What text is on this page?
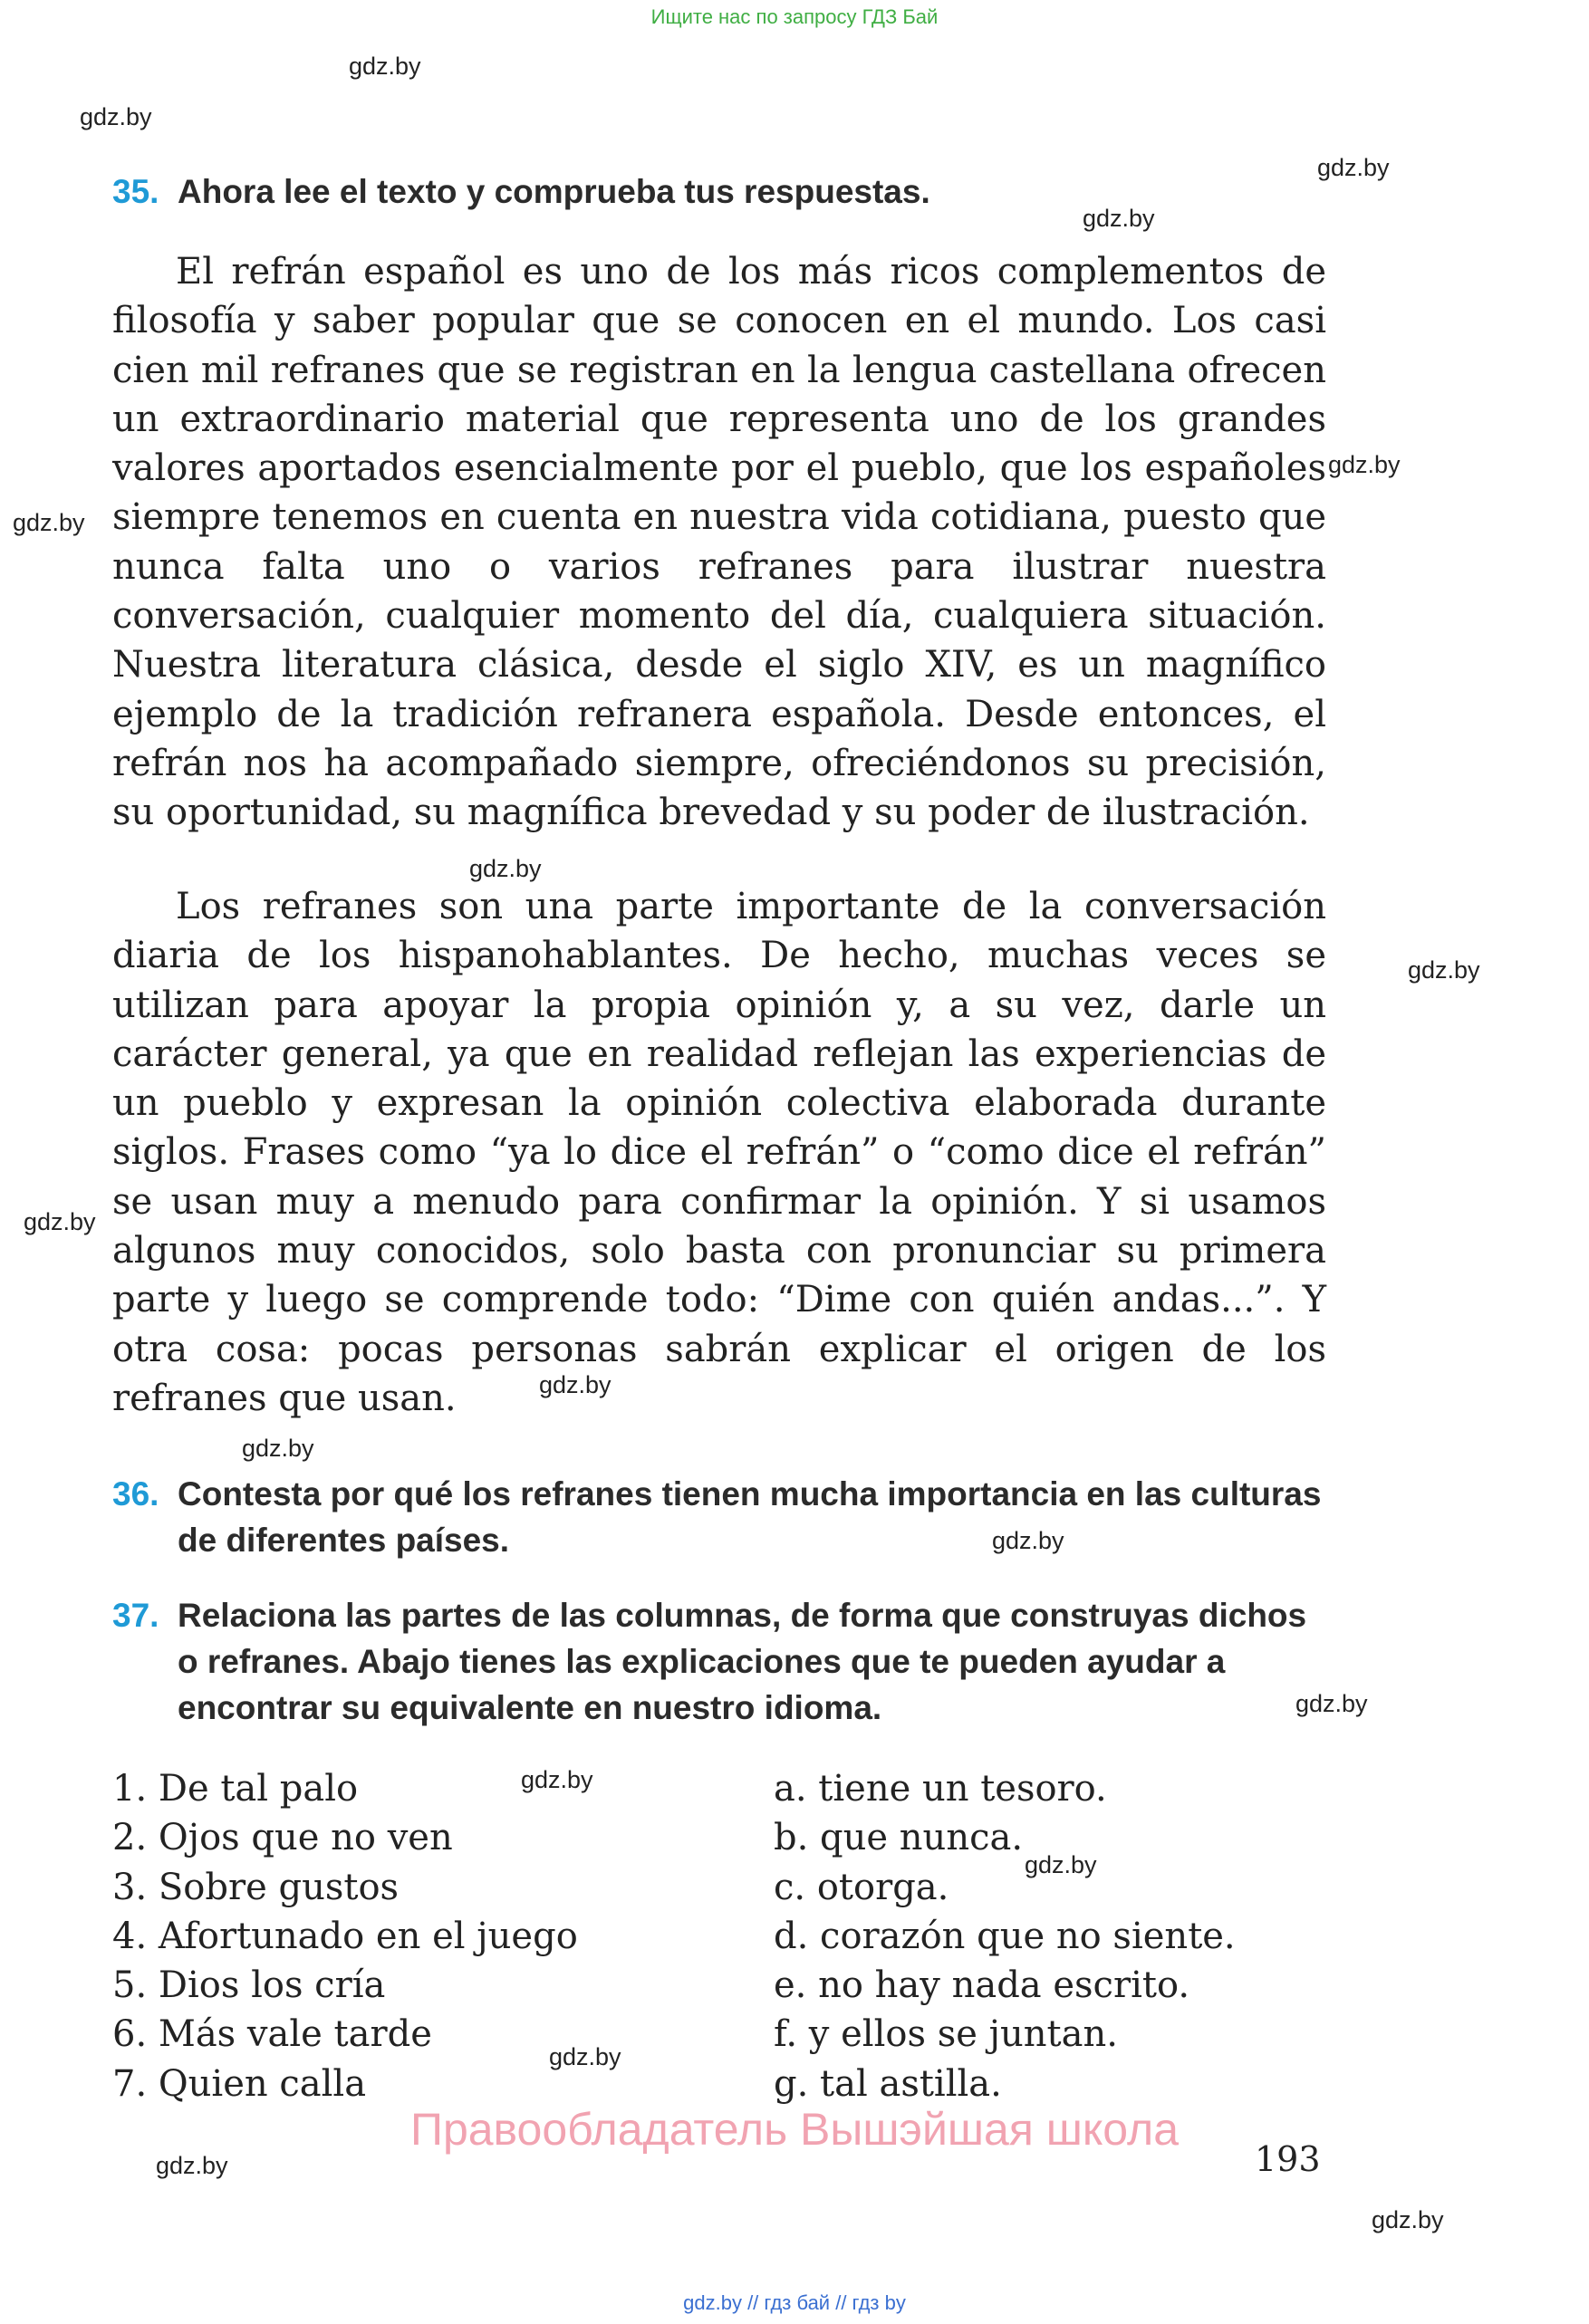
Ищите нас по запросу ГДЗ Бай
gdz.by
gdz.by
gdz.by
gdz.by
gdz.by
gdz.by
gdz.by
gdz.by
gdz.by
gdz.by
gdz.by
gdz.by
gdz.by
gdz.by
gdz.by
gdz.by
gdz.by
gdz.by
35. Ahora lee el texto y comprueba tus respuestas.

El refrán español es uno de los más ricos complementos de filosofía y saber popular que se conocen en el mundo. Los casi cien mil refranes que se registran en la lengua castellana ofrecen un extraordinario material que representa uno de los grandes valores aportados esencialmente por el pueblo, que los españoles siempre tenemos en cuenta en nuestra vida cotidiana, puesto que nunca falta uno o varios refranes para ilustrar nuestra conversación, cualquier momento del día, cualquiera situación. Nuestra literatura clásica, desde el siglo XIV, es un magnífico ejemplo de la tradición refranera española. Desde entonces, el refrán nos ha acompañado siempre, ofreciéndonos su precisión, su oportunidad, su magnífica brevedad y su poder de ilustración.

Los refranes son una parte importante de la conversación diaria de los hispanohablantes. De hecho, muchas veces se utilizan para apoyar la propia opinión y, a su vez, darle un carácter general, ya que en realidad reflejan las experiencias de un pueblo y expresan la opinión colectiva elaborada durante siglos. Frases como “ya lo dice el refrán” o “como dice el refrán” se usan muy a menudo para confirmar la opinión. Y si usamos algunos muy conocidos, solo basta con pronunciar su primera parte y luego se comprende todo: “Dime con quién andas...”. Y otra cosa: pocas personas sabrán explicar el origen de los refranes que usan.

36. Contesta por qué los refranes tienen mucha importancia en las culturas de diferentes países.
37. Relaciona las partes de las columnas, de forma que construyas dichos o refranes. Abajo tienes las explicaciones que te pueden ayudar a encontrar su equivalente en nuestro idioma.
1. De tal palo
2. Ojos que no ven
3. Sobre gustos
4. Afortunado en el juego
5. Dios los cría
6. Más vale tarde
7. Quien calla
a. tiene un tesoro.
b. que nunca.
c. otorga.
d. corazón que no siente.
e. no hay nada escrito.
f. y ellos se juntan.
g. tal astilla.
Правообладатель Вышэйшая школа
193
gdz.by // гдз бай // гдз by
